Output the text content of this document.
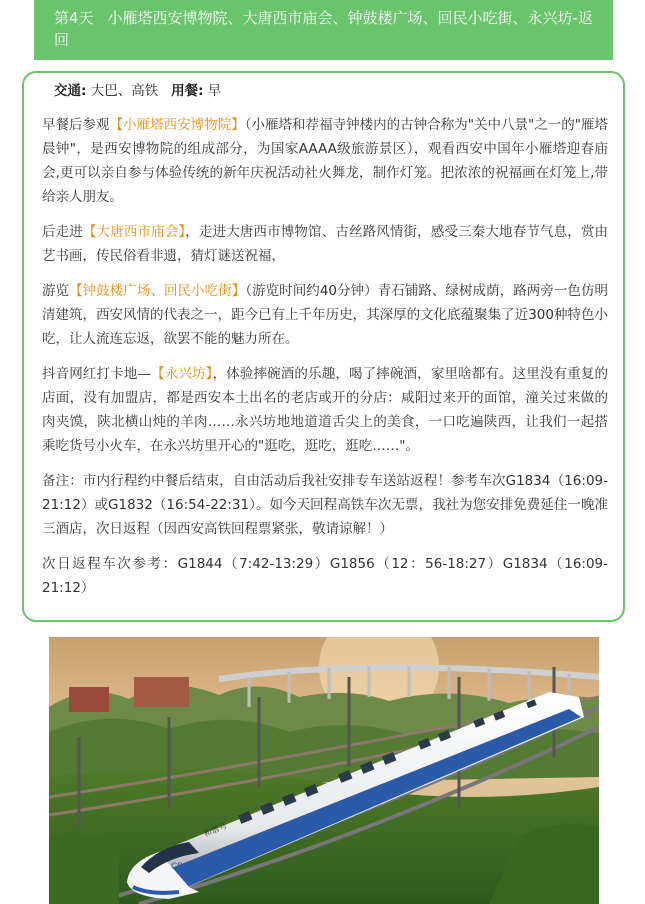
第4天 小雁塔西安博物院、大唐西市庙会、钟鼓楼广场、回民小吃街、永兴坊-返回
交通: 大巴、高铁 用餐: 早

早餐后参观【小雁塔西安博物院】（小雁塔和荐福寺钟楼内的古钟合称为"关中八景"之一的"雁塔晨钟"，是西安博物院的组成部分，为国家AAAA级旅游景区），观看西安中国年小雁塔迎春庙会,更可以亲自参与体验传统的新年庆祝活动社火舞龙，制作灯笼。把浓浓的祝福画在灯笼上,带给亲人朋友。

后走进【大唐西市庙会】，走进大唐西市博物馆、古丝路风情街，感受三秦大地春节气息，赏由艺书画，传民俗看非遗，猜灯谜送祝福，

游览【钟鼓楼广场、回民小吃街】（游览时间约40分钟）青石铺路、绿树成荫，路两旁一色仿明清建筑，西安风情的代表之一，距今已有上千年历史，其深厚的文化底蕴聚集了近300种特色小吃，让人流连忘返，欲罢不能的魅力所在。

抖音网红打卡地—【永兴坊】，体验摔碗酒的乐趣，喝了摔碗酒，家里啥都有。这里没有重复的店面，没有加盟店，都是西安本土出名的老店或开的分店：咸阳过来开的面馆，潼关过来做的肉夹馍，陕北横山炖的羊肉……永兴坊地地道道舌尖上的美食，一口吃遍陕西，让我们一起搭乘吃货号小火车，在永兴坊里开心的"逛吃，逛吃，逛吃……"。

备注：市内行程约中餐后结束，自由活动后我社安排专车送站返程！参考车次G1834（16:09-21:12）或G1832（16:54-22:31）。如今天回程高铁车次无票，我社为您安排免费延住一晚准三酒店，次日返程（因西安高铁回程票紧张，敬请谅解！）

次日返程车次参考：G1844（7:42-13:29）G1856（12：56-18:27）G1834（16:09-21:12）

CRH
和谐号
